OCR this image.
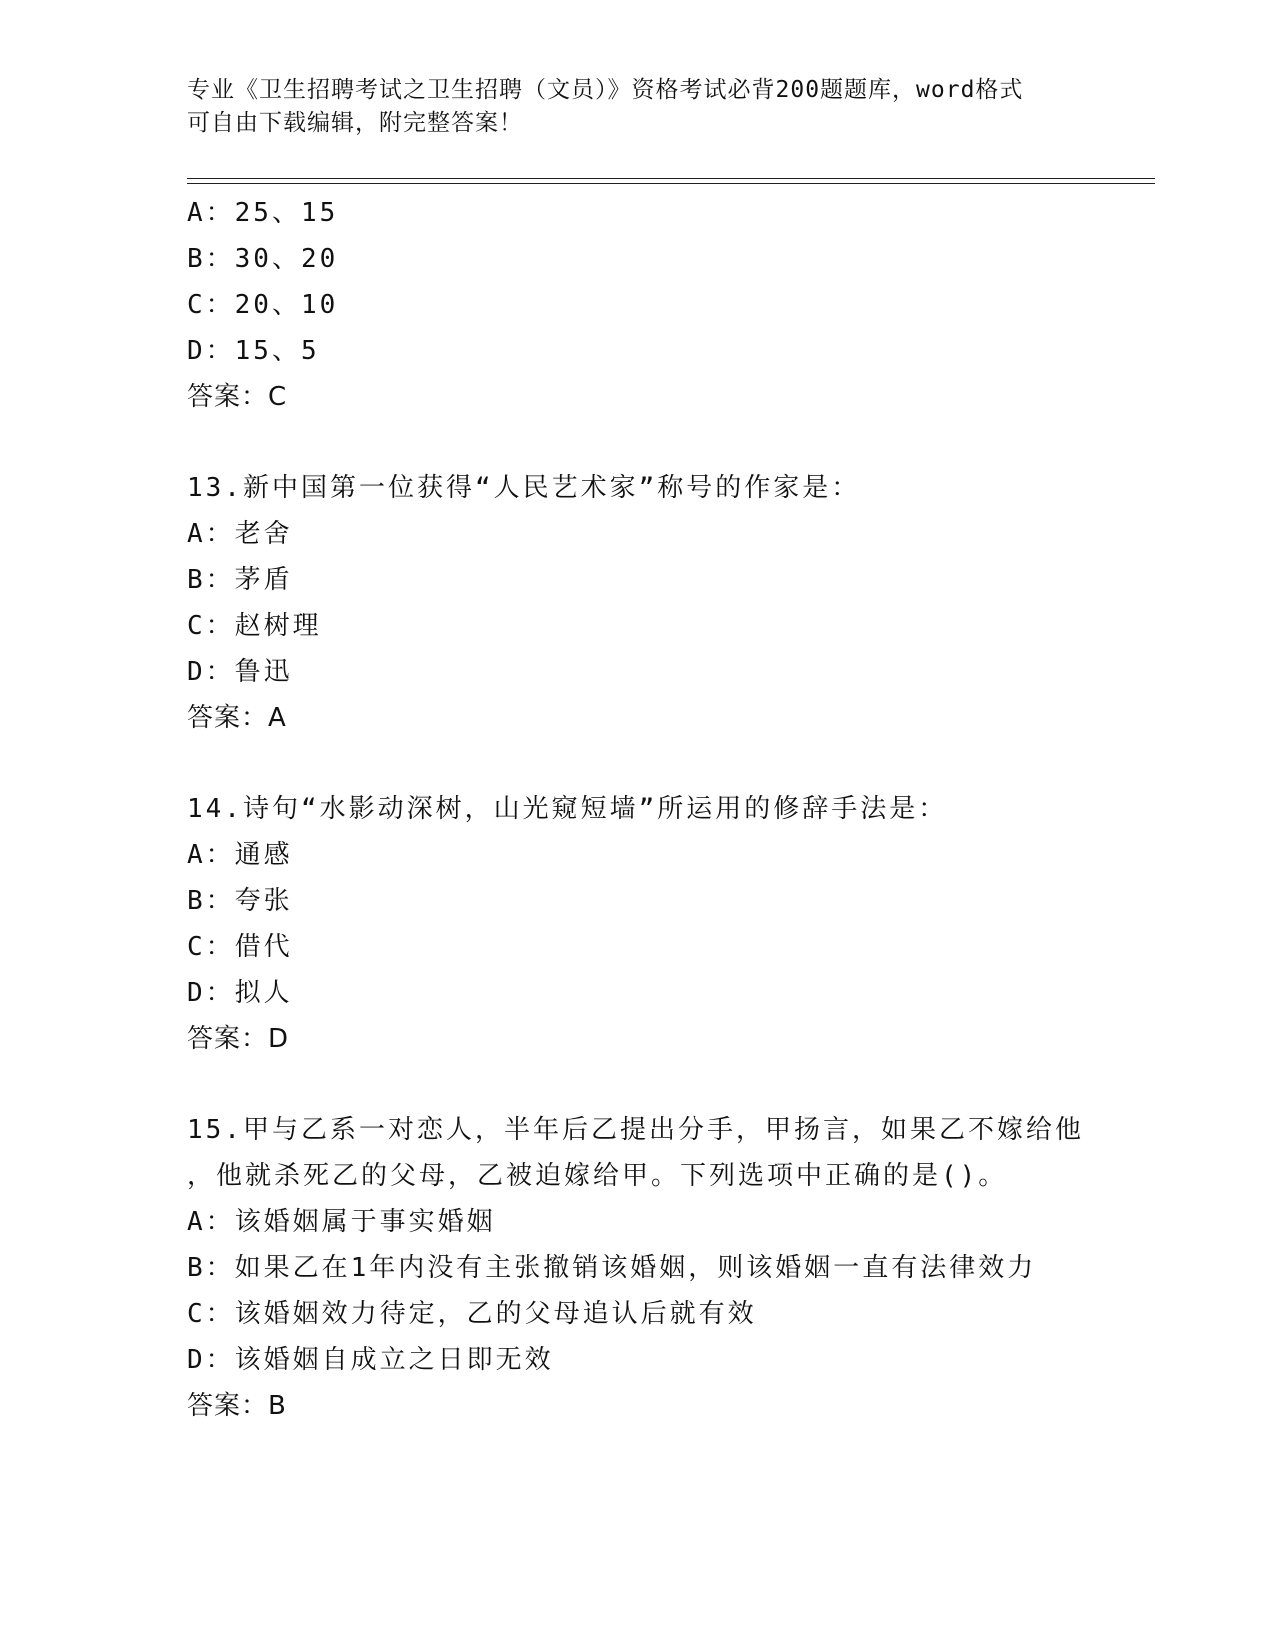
专业《卫生招聘考试之卫生招聘（文员）》资格考试必背200题题库，word格式
可自由下载编辑，附完整答案！
A：25、15
B：30、20
C：20、10
D：15、5
答案：C
13.新中国第一位获得“人民艺术家”称号的作家是：
A：老舍
B：茅盾
C：赵树理
D：鲁迅
答案：A
14.诗句“水影动深树，山光窥短墙”所运用的修辞手法是：
A：通感
B：夸张
C：借代
D：拟人
答案：D
15.甲与乙系一对恋人，半年后乙提出分手，甲扬言，如果乙不嫁给他
，他就杀死乙的父母，乙被迫嫁给甲。下列选项中正确的是()。
A：该婚姻属于事实婚姻
B：如果乙在1年内没有主张撤销该婚姻，则该婚姻一直有法律效力
C：该婚姻效力待定，乙的父母追认后就有效
D：该婚姻自成立之日即无效
答案：B
